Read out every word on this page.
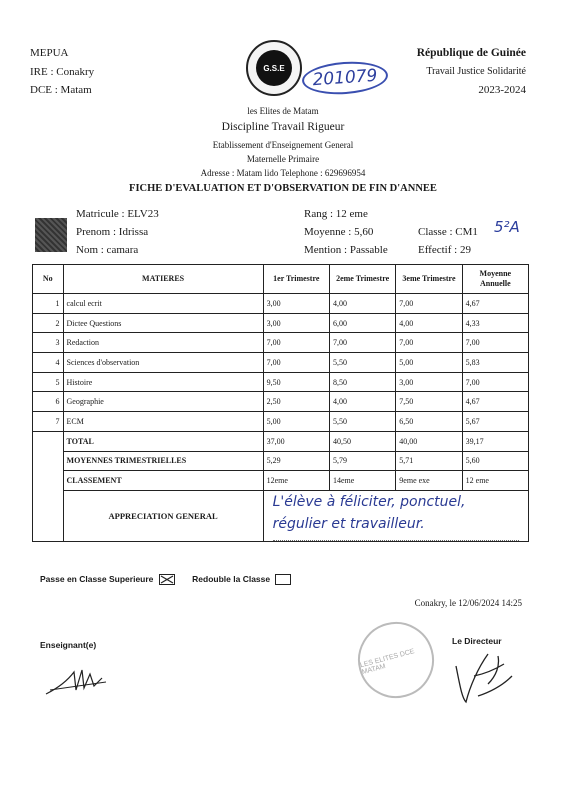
MEPUA
IRE : Conakry
DCE : Matam
G.S.E	201079
République de Guinée
Travail Justice Solidarité
2023-2024
les Elites de Matam
Discipline Travail Rigueur
Etablissement d'Enseignement General
Maternelle Primaire
Adresse : Matam lido Telephone : 629696954
FICHE D'EVALUATION ET D'OBSERVATION DE FIN D'ANNEE
Matricule : ELV23
Prenom : Idrissa
Nom : camara
Rang : 12 eme
Moyenne : 5,60
Mention : Passable
Classe : CM1
Effectif : 29
5²A
No	MATIERES	1er Trimestre	2eme Trimestre	3eme Trimestre	Moyenne Annuelle
1	calcul ecrit	3,00	4,00	7,00	4,67
2	Dictee Questions	3,00	6,00	4,00	4,33
3	Redaction	7,00	7,00	7,00	7,00
4	Sciences d'observation	7,00	5,50	5,00	5,83
5	Histoire	9,50	8,50	3,00	7,00
6	Geographie	2,50	4,00	7,50	4,67
7	ECM	5,00	5,50	6,50	5,67
	TOTAL	37,00	40,50	40,00	39,17
	MOYENNES TRIMESTRIELLES	5,29	5,79	5,71	5,60
	CLASSEMENT	12eme	14eme	9eme exe	12 eme
	APPRECIATION GENERAL	L'élève à féliciter, ponctuel,
régulier et travailleur.			
Passe en Classe Superieure	Redouble la Classe
Conakry, le 12/06/2024 14:25
Enseignant(e)	Le Directeur
LES ELITES DCE MATAM
